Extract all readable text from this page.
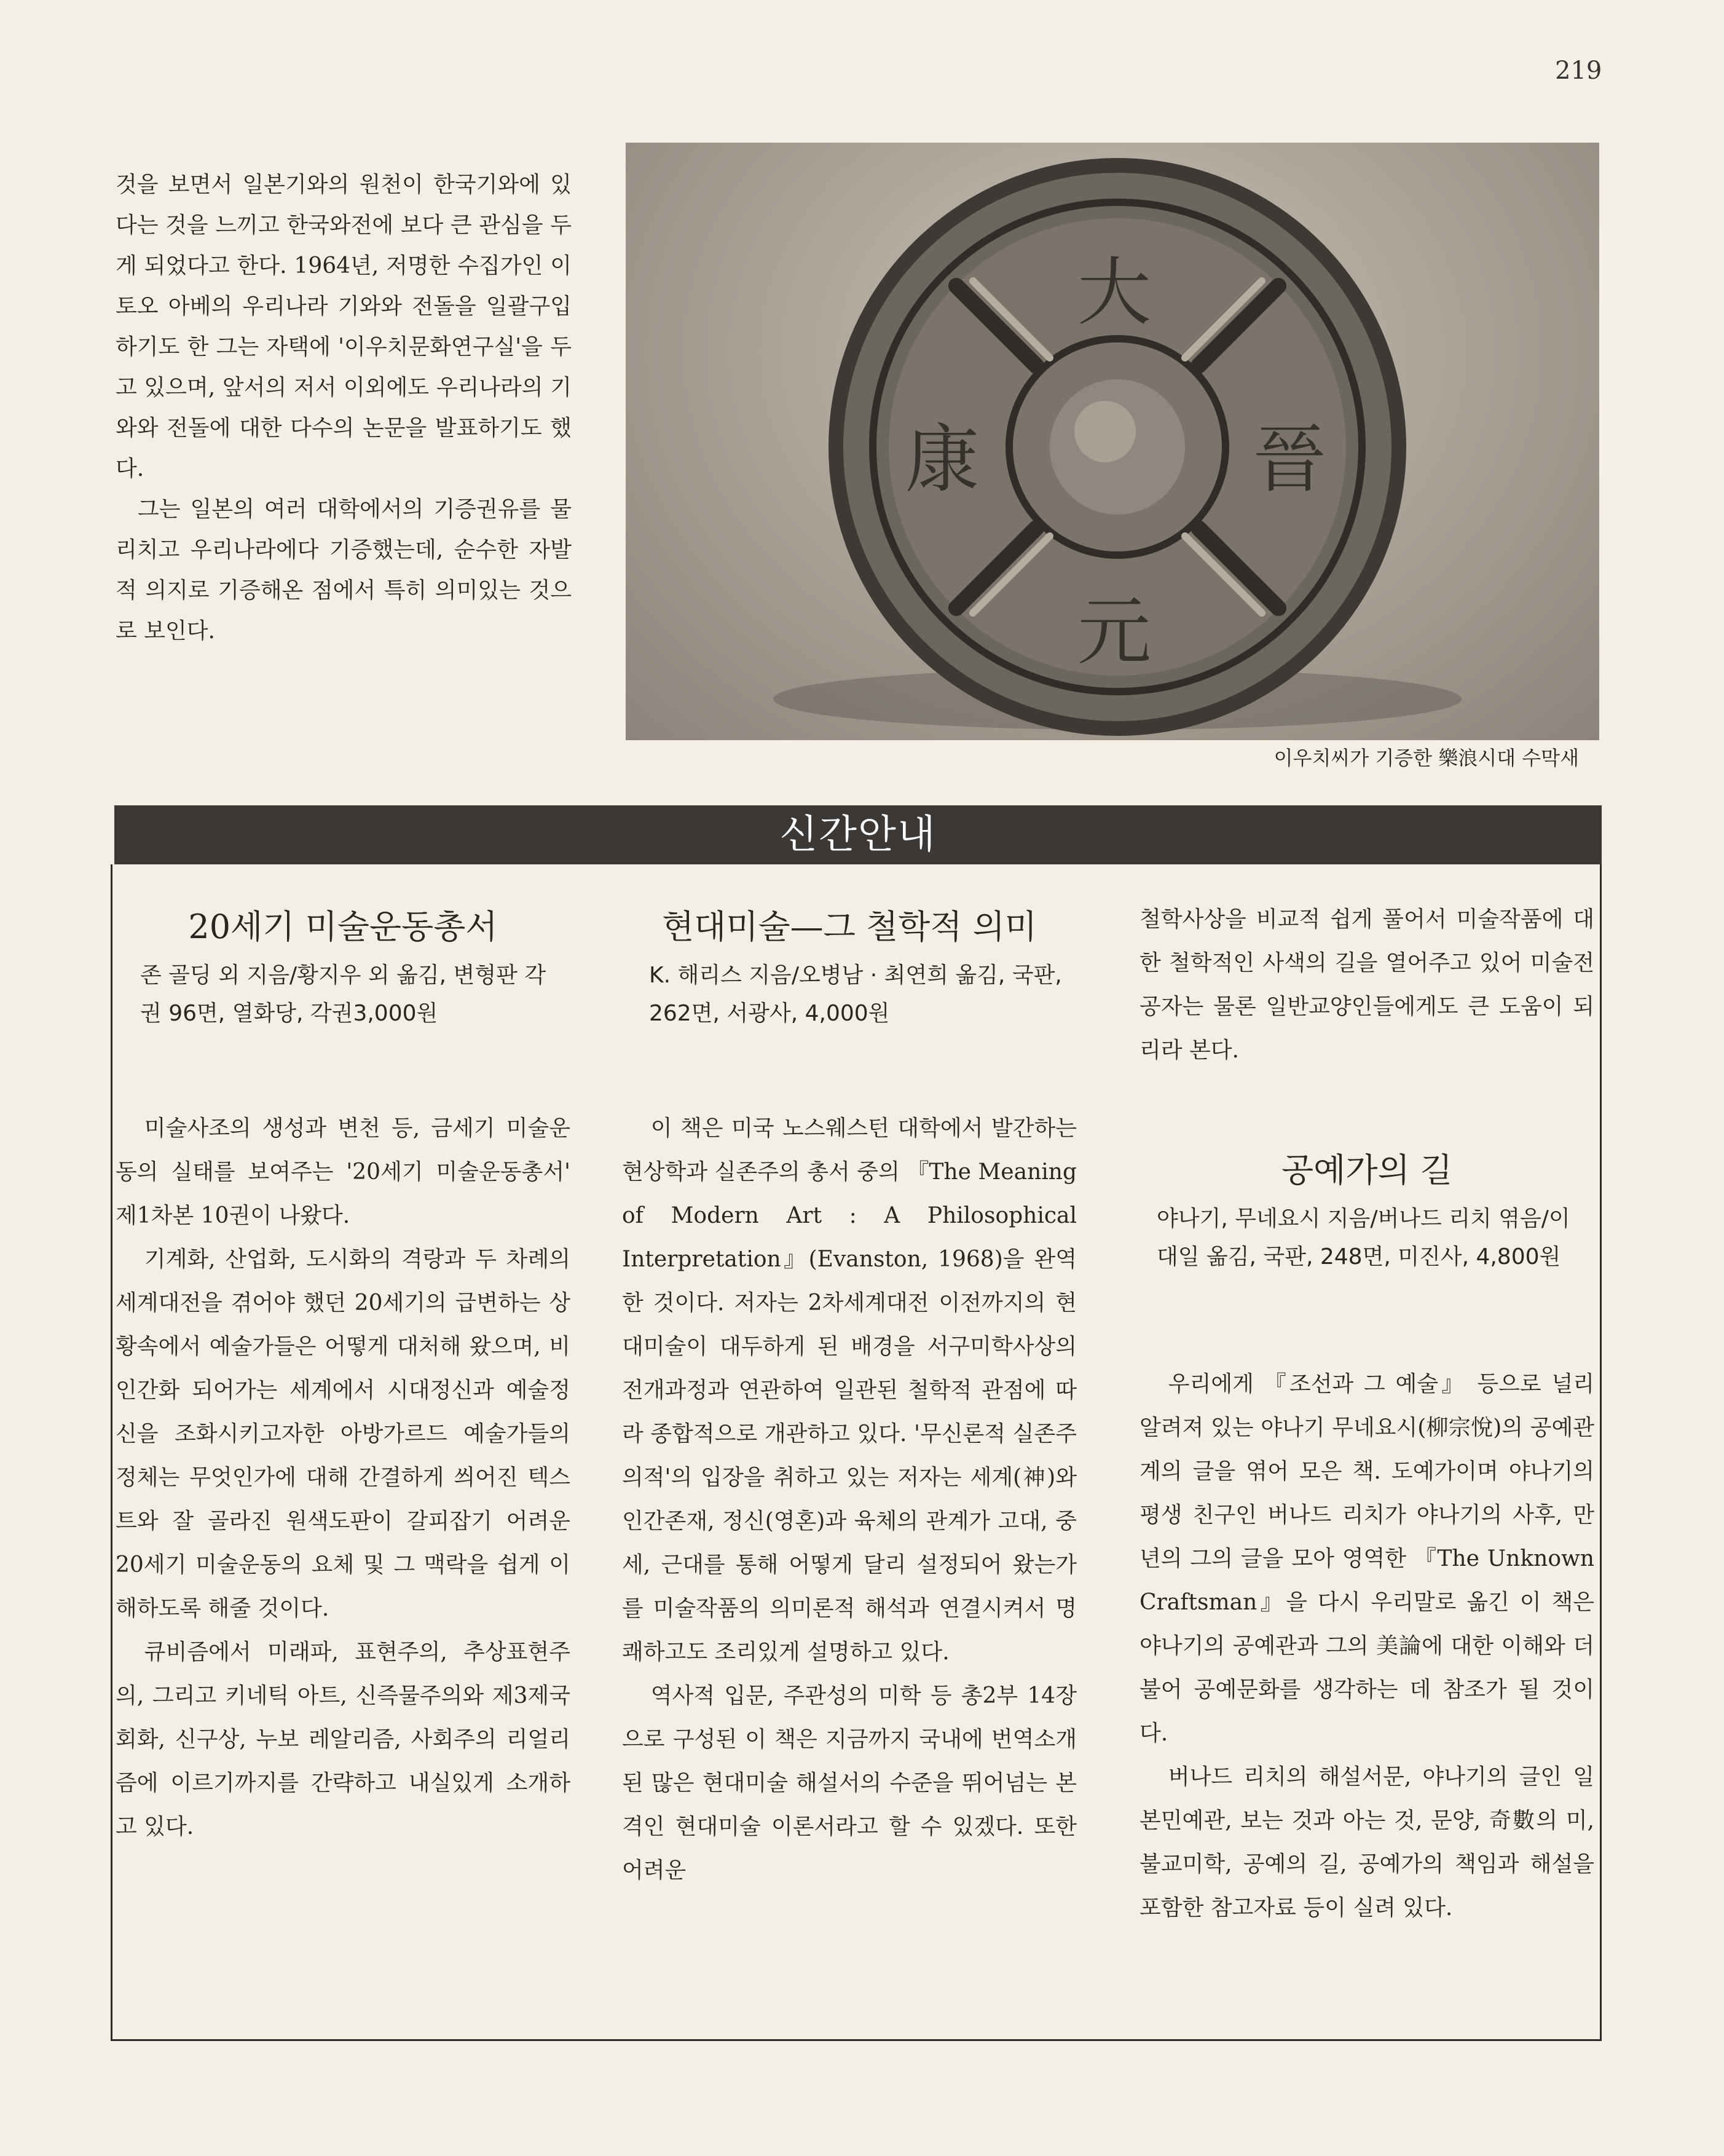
219

것을 보면서 일본기와의 원천이 한국기와에 있다는 것을 느끼고 한국와전에 보다 큰 관심을 두게 되었다고 한다. 1964년, 저명한 수집가인 이토오 아베의 우리나라 기와와 전돌을 일괄구입하기도 한 그는 자택에 '이우치문화연구실'을 두고 있으며, 앞서의 저서 이외에도 우리나라의 기와와 전돌에 대한 다수의 논문을 발표하기도 했다.

그는 일본의 여러 대학에서의 기증권유를 물리치고 우리나라에다 기증했는데, 순수한 자발적 의지로 기증해온 점에서 특히 의미있는 것으로 보인다.

大
晉
元
康
이우치씨가 기증한 樂浪시대 수막새
신간안내
20세기 미술운동총서

존 골딩 외 지음/황지우 외 옮김, 변형판 각권 96면, 열화당, 각권3,000원

미술사조의 생성과 변천 등, 금세기 미술운동의 실태를 보여주는 '20세기 미술운동총서' 제1차본 10권이 나왔다.

기계화, 산업화, 도시화의 격랑과 두 차례의 세계대전을 겪어야 했던 20세기의 급변하는 상황속에서 예술가들은 어떻게 대처해 왔으며, 비인간화 되어가는 세계에서 시대정신과 예술정신을 조화시키고자한 아방가르드 예술가들의 정체는 무엇인가에 대해 간결하게 씌어진 텍스트와 잘 골라진 원색도판이 갈피잡기 어려운 20세기 미술운동의 요체 및 그 맥락을 쉽게 이해하도록 해줄 것이다.

큐비즘에서 미래파, 표현주의, 추상표현주의, 그리고 키네틱 아트, 신즉물주의와 제3제국 회화, 신구상, 누보 레알리즘, 사회주의 리얼리즘에 이르기까지를 간략하고 내실있게 소개하고 있다.

현대미술—그 철학적 의미

K. 해리스 지음/오병남 · 최연희 옮김, 국판, 262면, 서광사, 4,000원

이 책은 미국 노스웨스턴 대학에서 발간하는 현상학과 실존주의 총서 중의 『The Meaning of Modern Art : A Philosophical Interpretation』(Evanston, 1968)을 완역한 것이다. 저자는 2차세계대전 이전까지의 현대미술이 대두하게 된 배경을 서구미학사상의 전개과정과 연관하여 일관된 철학적 관점에 따라 종합적으로 개관하고 있다. '무신론적 실존주의적'의 입장을 취하고 있는 저자는 세계(神)와 인간존재, 정신(영혼)과 육체의 관계가 고대, 중세, 근대를 통해 어떻게 달리 설정되어 왔는가를 미술작품의 의미론적 해석과 연결시켜서 명쾌하고도 조리있게 설명하고 있다.

역사적 입문, 주관성의 미학 등 총2부 14장으로 구성된 이 책은 지금까지 국내에 번역소개된 많은 현대미술 해설서의 수준을 뛰어넘는 본격인 현대미술 이론서라고 할 수 있겠다. 또한 어려운

철학사상을 비교적 쉽게 풀어서 미술작품에 대한 철학적인 사색의 길을 열어주고 있어 미술전공자는 물론 일반교양인들에게도 큰 도움이 되리라 본다.

공예가의 길

야나기, 무네요시 지음/버나드 리치 엮음/이대일 옮김, 국판, 248면, 미진사, 4,800원

우리에게 『조선과 그 예술』 등으로 널리 알려져 있는 야나기 무네요시(柳宗悅)의 공예관계의 글을 엮어 모은 책. 도예가이며 야나기의 평생 친구인 버나드 리치가 야나기의 사후, 만년의 그의 글을 모아 영역한 『The Unknown Craftsman』을 다시 우리말로 옮긴 이 책은 야나기의 공예관과 그의 美論에 대한 이해와 더불어 공예문화를 생각하는 데 참조가 될 것이다.

버나드 리치의 해설서문, 야나기의 글인 일본민예관, 보는 것과 아는 것, 문양, 奇數의 미, 불교미학, 공예의 길, 공예가의 책임과 해설을 포함한 참고자료 등이 실려 있다.
